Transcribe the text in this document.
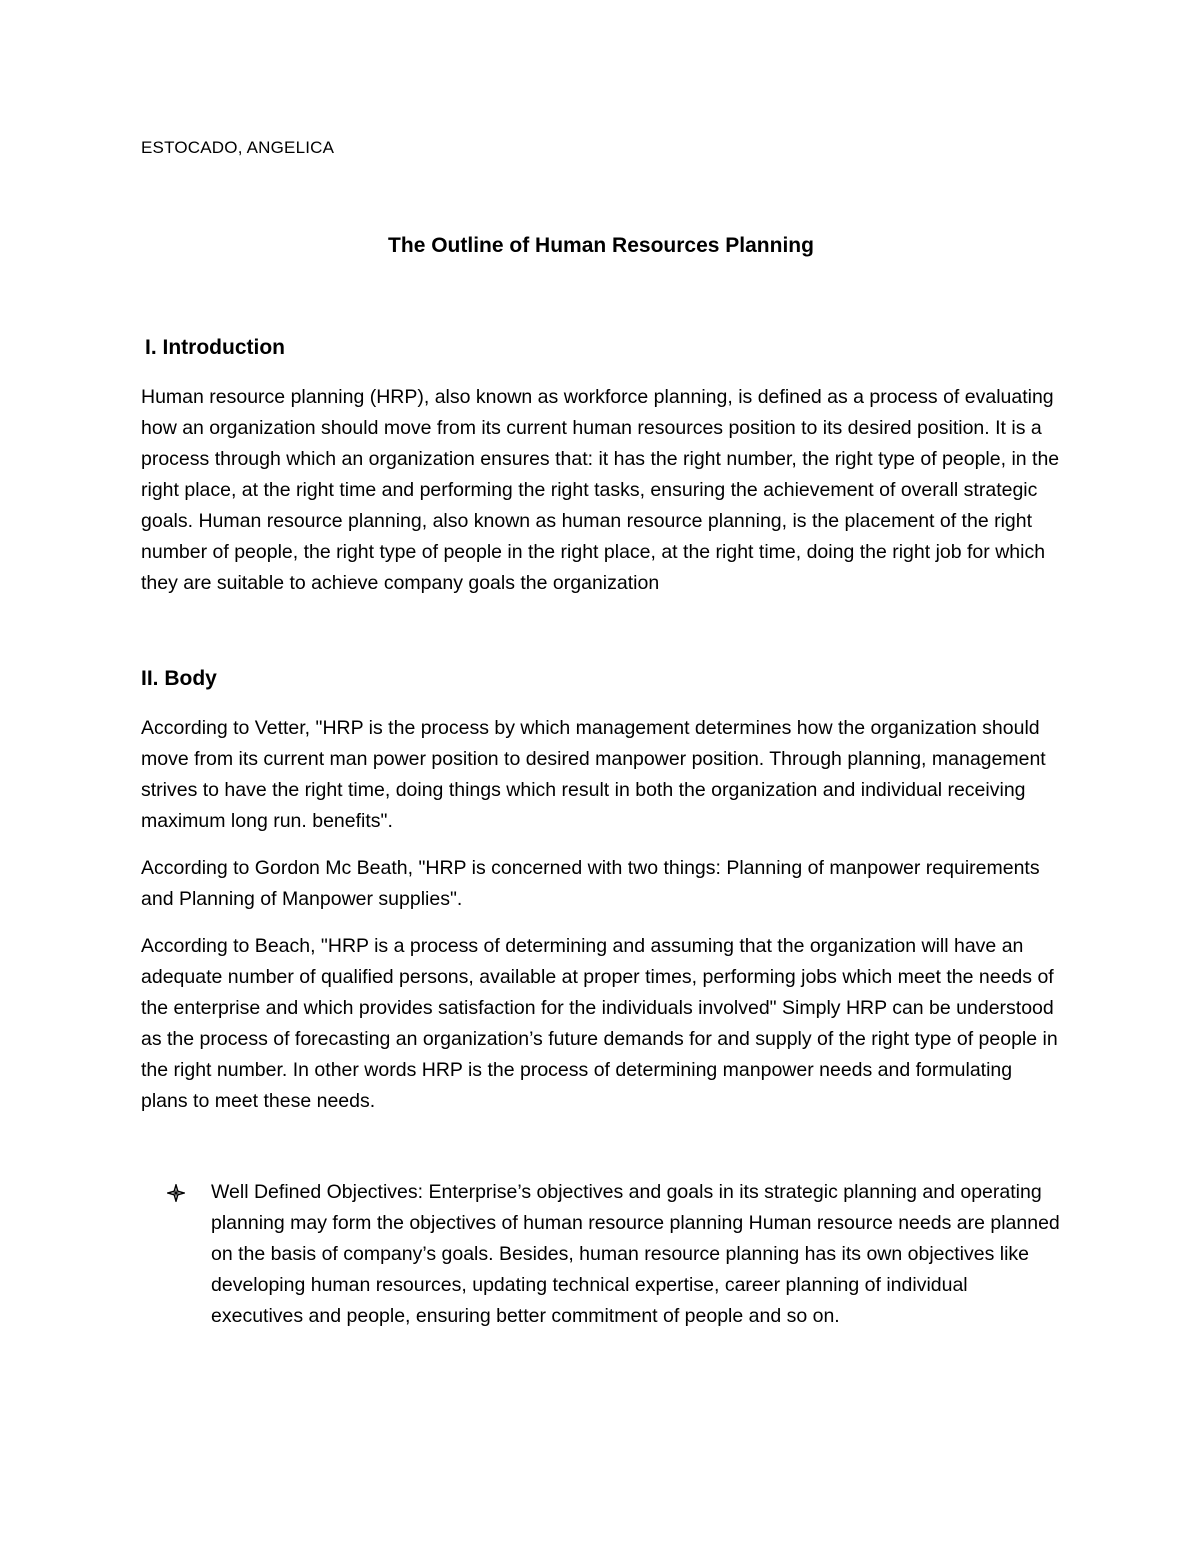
ESTOCADO, ANGELICA

The Outline of Human Resources Planning
I. Introduction

Human resource planning (HRP), also known as workforce planning, is defined as a process of evaluating how an organization should move from its current human resources position to its desired position. It is a process through which an organization ensures that: it has the right number, the right type of people, in the right place, at the right time and performing the right tasks, ensuring the achievement of overall strategic goals. Human resource planning, also known as human resource planning, is the placement of the right number of people, the right type of people in the right place, at the right time, doing the right job for which they are suitable to achieve company goals the organization

II. Body

According to Vetter, "HRP is the process by which management determines how the organization should move from its current man power position to desired manpower position. Through planning, management strives to have the right time, doing things which result in both the organization and individual receiving maximum long run. benefits".

According to Gordon Mc Beath, "HRP is concerned with two things: Planning of manpower requirements and Planning of Manpower supplies".

According to Beach, "HRP is a process of determining and assuming that the organization will have an adequate number of qualified persons, available at proper times, performing jobs which meet the needs of the enterprise and which provides satisfaction for the individuals involved" Simply HRP can be understood as the process of forecasting an organization’s future demands for and supply of the right type of people in the right number. In other words HRP is the process of determining manpower needs and formulating plans to meet these needs.

Well Defined Objectives: Enterprise’s objectives and goals in its strategic planning and operating planning may form the objectives of human resource planning Human resource needs are planned on the basis of company’s goals. Besides, human resource planning has its own objectives like developing human resources, updating technical expertise, career planning of individual executives and people, ensuring better commitment of people and so on.
